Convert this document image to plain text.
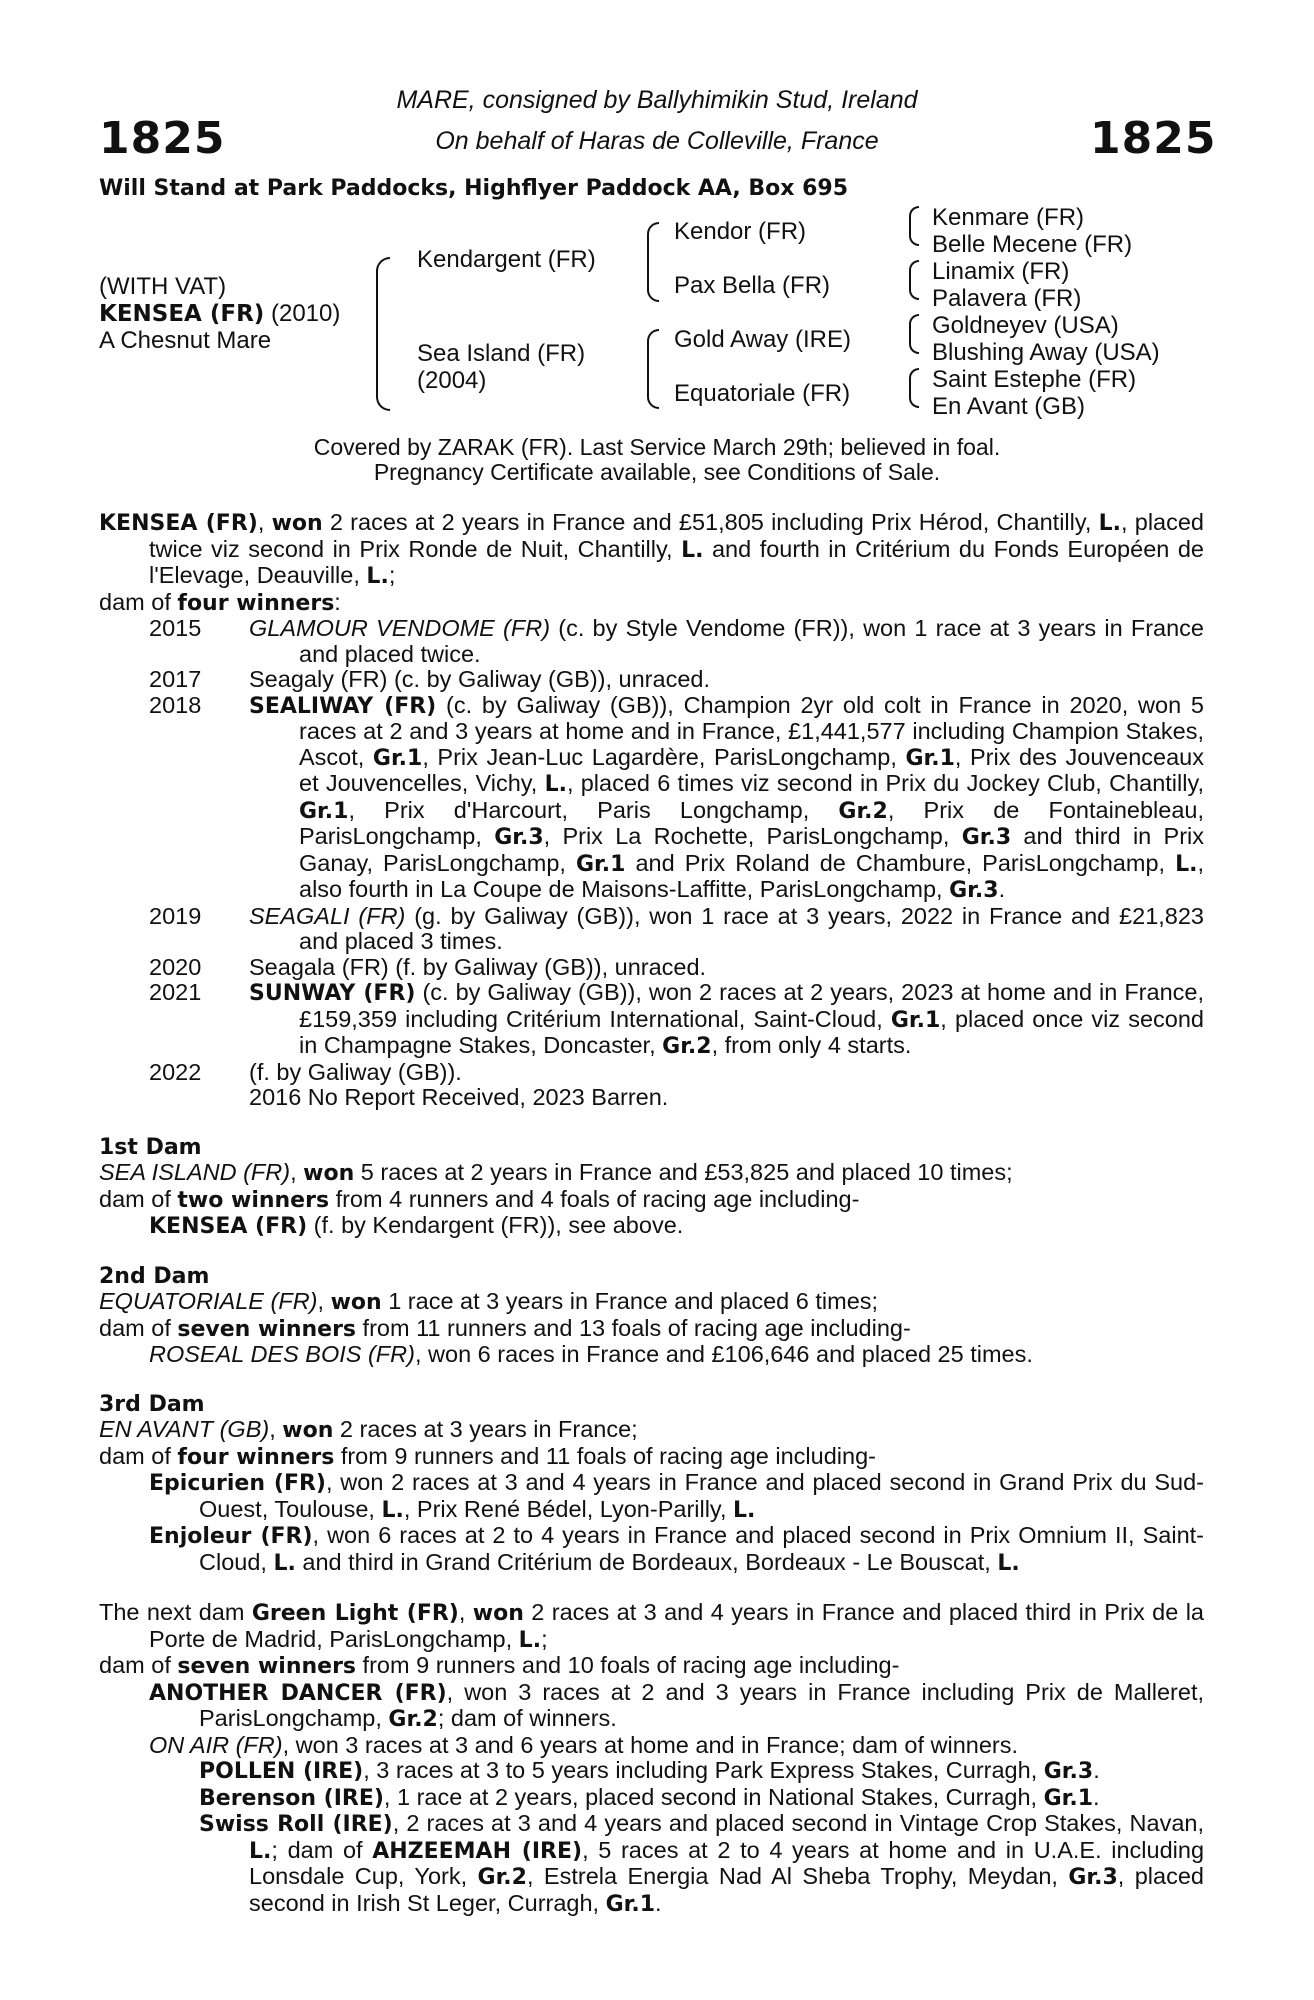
1825	1825
MARE, consigned by Ballyhimikin Stud, Ireland
On behalf of Haras de Colleville, France
Will Stand at Park Paddocks, Highflyer Paddock AA, Box 695
(WITH VAT)
KENSEA (FR) (2010)
A Chesnut Mare
Kendargent (FR)
Sea Island (FR)
(2004)
Kendor (FR)
Pax Bella (FR)
Gold Away (IRE)
Equatoriale (FR)
Kenmare (FR)
Belle Mecene (FR)
Linamix (FR)
Palavera (FR)
Goldneyev (USA)
Blushing Away (USA)
Saint Estephe (FR)
En Avant (GB)
Covered by ZARAK (FR). Last Service March 29th; believed in foal.
Pregnancy Certificate available, see Conditions of Sale.

KENSEA (FR), won 2 races at 2 years in France and £51,805 including Prix Hérod, Chantilly, L., placed twice viz second in Prix Ronde de Nuit, Chantilly, L. and fourth in Critérium du Fonds Européen de l'Elevage, Deauville, L.;

dam of four winners:

2015	GLAMOUR VENDOME (FR) (c. by Style Vendome (FR)), won 1 race at 3 years in France and placed twice.
2017	Seagaly (FR) (c. by Galiway (GB)), unraced.
2018	SEALIWAY (FR) (c. by Galiway (GB)), Champion 2yr old colt in France in 2020, won 5 races at 2 and 3 years at home and in France, £1,441,577 including Champion Stakes, Ascot, Gr.1, Prix Jean-Luc Lagardère, ParisLongchamp, Gr.1, Prix des Jouvenceaux et Jouvencelles, Vichy, L., placed 6 times viz second in Prix du Jockey Club, Chantilly, Gr.1, Prix d'Harcourt, Paris Longchamp, Gr.2, Prix de Fontainebleau, ParisLongchamp, Gr.3, Prix La Rochette, ParisLongchamp, Gr.3 and third in Prix Ganay, ParisLongchamp, Gr.1 and Prix Roland de Chambure, ParisLongchamp, L., also fourth in La Coupe de Maisons-Laffitte, ParisLongchamp, Gr.3.
2019	SEAGALI (FR) (g. by Galiway (GB)), won 1 race at 3 years, 2022 in France and £21,823 and placed 3 times.
2020	Seagala (FR) (f. by Galiway (GB)), unraced.
2021	SUNWAY (FR) (c. by Galiway (GB)), won 2 races at 2 years, 2023 at home and in France, £159,359 including Critérium International, Saint-Cloud, Gr.1, placed once viz second in Champagne Stakes, Doncaster, Gr.2, from only 4 starts.
2022	(f. by Galiway (GB)).

2016 No Report Received, 2023 Barren.

1st Dam

SEA ISLAND (FR), won 5 races at 2 years in France and £53,825 and placed 10 times;

dam of two winners from 4 runners and 4 foals of racing age including-

KENSEA (FR) (f. by Kendargent (FR)), see above.

2nd Dam

EQUATORIALE (FR), won 1 race at 3 years in France and placed 6 times;

dam of seven winners from 11 runners and 13 foals of racing age including-

ROSEAL DES BOIS (FR), won 6 races in France and £106,646 and placed 25 times.

3rd Dam

EN AVANT (GB), won 2 races at 3 years in France;

dam of four winners from 9 runners and 11 foals of racing age including-

Epicurien (FR), won 2 races at 3 and 4 years in France and placed second in Grand Prix du Sud-Ouest, Toulouse, L., Prix René Bédel, Lyon-Parilly, L.

Enjoleur (FR), won 6 races at 2 to 4 years in France and placed second in Prix Omnium II, Saint-Cloud, L. and third in Grand Critérium de Bordeaux, Bordeaux - Le Bouscat, L.

The next dam Green Light (FR), won 2 races at 3 and 4 years in France and placed third in Prix de la Porte de Madrid, ParisLongchamp, L.;

dam of seven winners from 9 runners and 10 foals of racing age including-

ANOTHER DANCER (FR), won 3 races at 2 and 3 years in France including Prix de Malleret, ParisLongchamp, Gr.2; dam of winners.

ON AIR (FR), won 3 races at 3 and 6 years at home and in France; dam of winners.

POLLEN (IRE), 3 races at 3 to 5 years including Park Express Stakes, Curragh, Gr.3.

Berenson (IRE), 1 race at 2 years, placed second in National Stakes, Curragh, Gr.1.

Swiss Roll (IRE), 2 races at 3 and 4 years and placed second in Vintage Crop Stakes, Navan, L.; dam of AHZEEMAH (IRE), 5 races at 2 to 4 years at home and in U.A.E. including Lonsdale Cup, York, Gr.2, Estrela Energia Nad Al Sheba Trophy, Meydan, Gr.3, placed second in Irish St Leger, Curragh, Gr.1.
